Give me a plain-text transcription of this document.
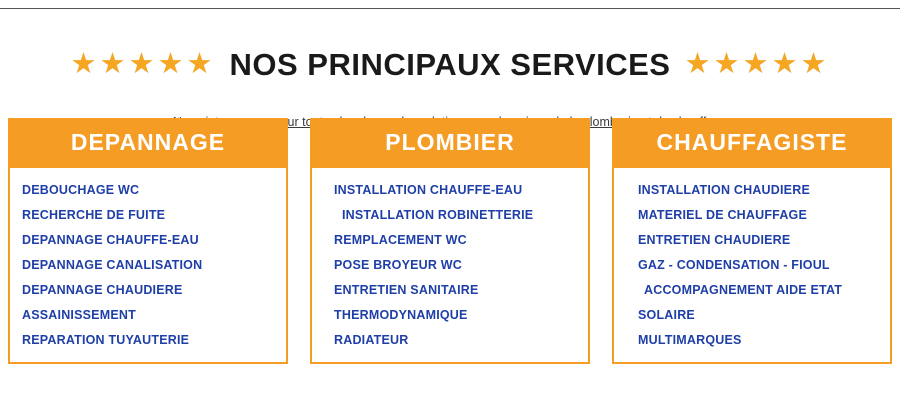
★★★★★ NOS PRINCIPAUX SERVICES ★★★★★
plomberie
DEPANNAGE
DEBOUCHAGE WC
RECHERCHE DE FUITE
DEPANNAGE CHAUFFE-EAU
DEPANNAGE CANALISATION
DEPANNAGE CHAUDIERE
ASSAINISSEMENT
REPARATION TUYAUTERIE
PLOMBIER
INSTALLATION CHAUFFE-EAU
INSTALLATION ROBINETTERIE
REMPLACEMENT WC
POSE BROYEUR WC
ENTRETIEN SANITAIRE
THERMODYNAMIQUE
RADIATEUR
CHAUFFAGISTE
INSTALLATION CHAUDIERE
MATERIEL DE CHAUFFAGE
ENTRETIEN CHAUDIERE
GAZ - CONDENSATION - FIOUL
ACCOMPAGNEMENT AIDE ETAT
SOLAIRE
MULTIMARQUES
